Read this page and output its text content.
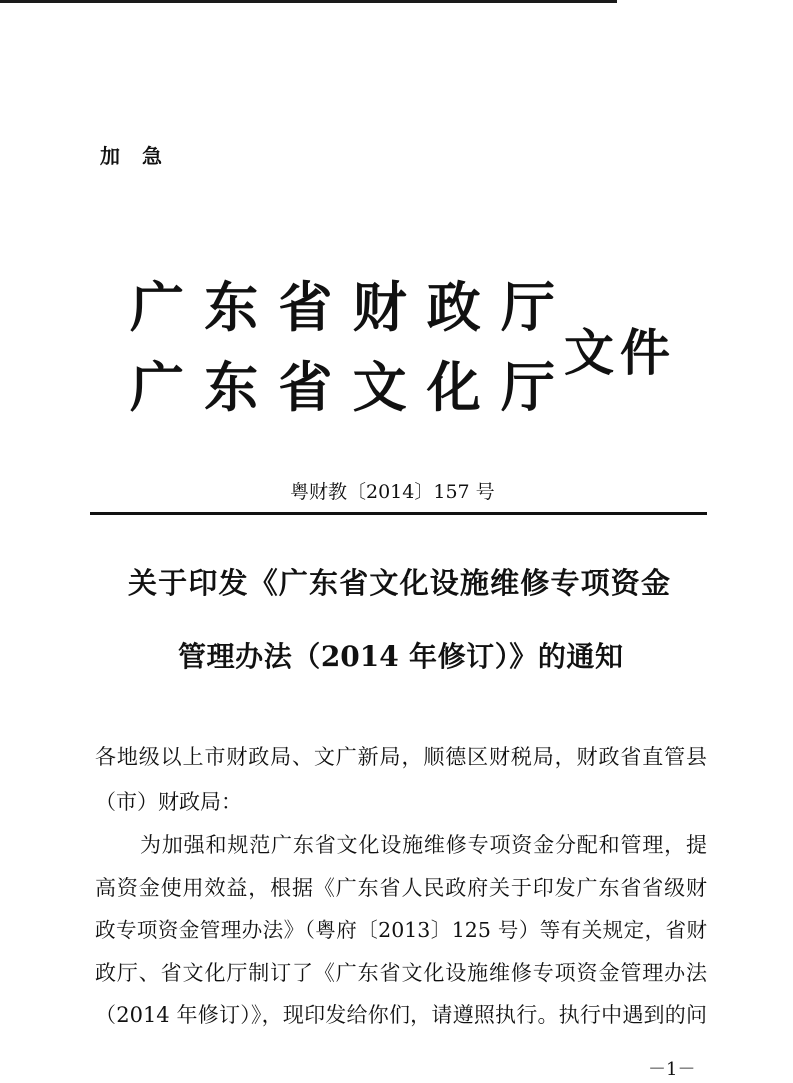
加急
广东省财政厅
广东省文化厅
文件
粤财教〔2014〕157 号
关于印发《广东省文化设施维修专项资金
管理办法（2014 年修订）》的通知
各地级以上市财政局、文广新局，顺德区财税局，财政省直管县
（市）财政局：
为加强和规范广东省文化设施维修专项资金分配和管理，提
高资金使用效益，根据《广东省人民政府关于印发广东省省级财
政专项资金管理办法》（粤府〔2013〕125 号）等有关规定，省财
政厅、省文化厅制订了《广东省文化设施维修专项资金管理办法
（2014 年修订）》，现印发给你们，请遵照执行。执行中遇到的问
－1－
